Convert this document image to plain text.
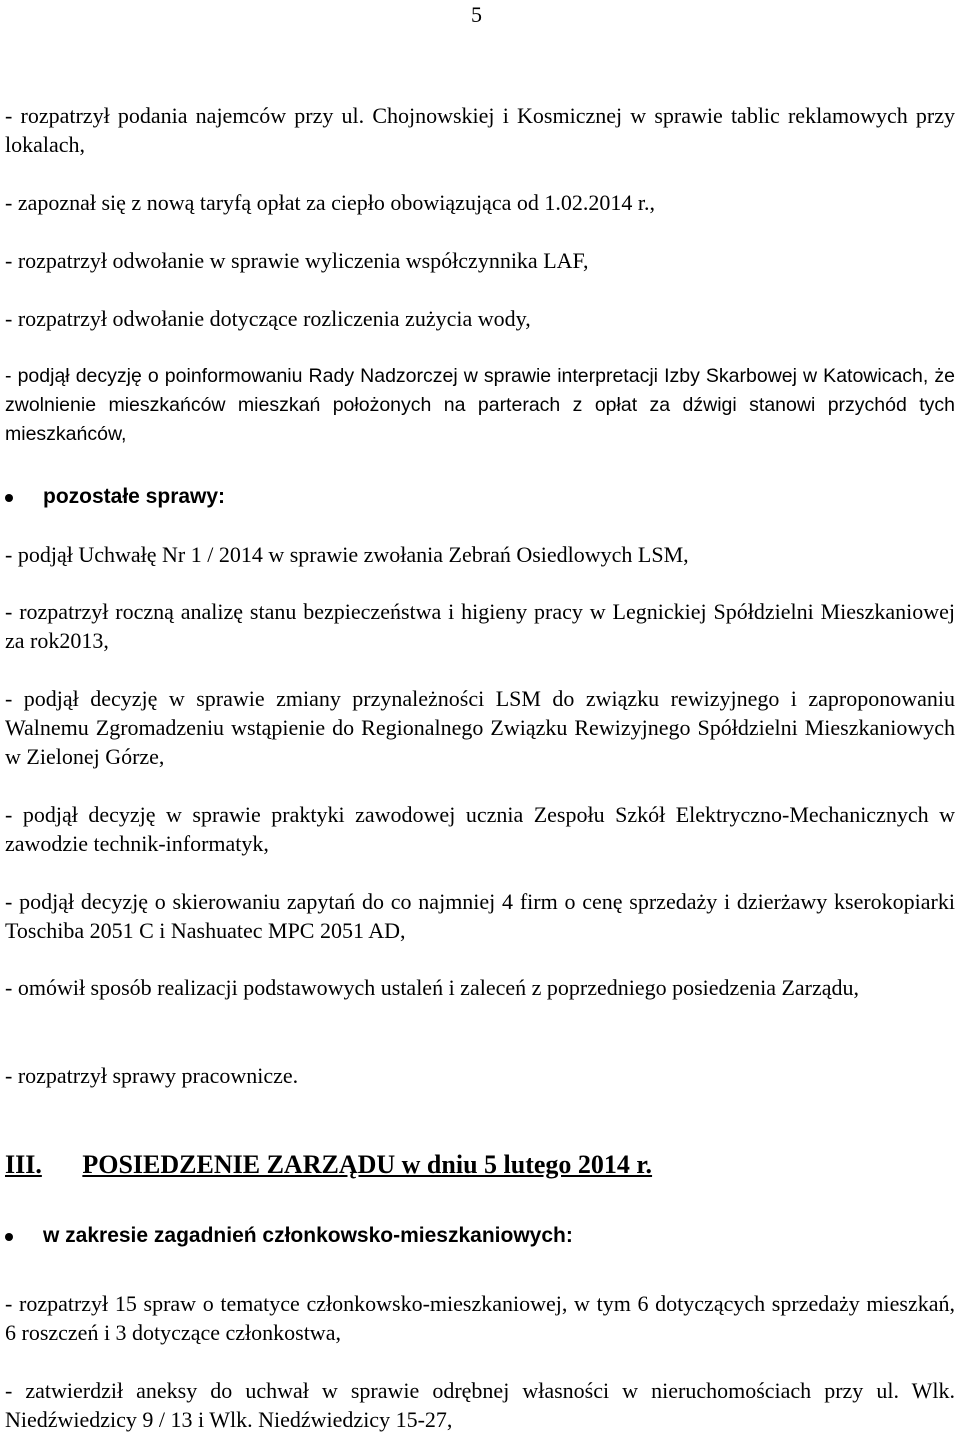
5

- rozpatrzył podania najemców przy ul. Chojnowskiej i Kosmicznej w sprawie tablic reklamowych przy lokalach,

- zapoznał się z nową taryfą opłat za ciepło obowiązująca od 1.02.2014 r.,

- rozpatrzył odwołanie w sprawie wyliczenia współczynnika LAF,

- rozpatrzył odwołanie dotyczące rozliczenia zużycia wody,

- podjął decyzję o poinformowaniu Rady Nadzorczej w sprawie interpretacji Izby Skarbowej w Katowicach, że zwolnienie mieszkańców mieszkań położonych na parterach z opłat za dźwigi stanowi przychód tych mieszkańców,

pozostałe sprawy:

- podjął Uchwałę Nr 1 / 2014 w sprawie zwołania Zebrań Osiedlowych LSM,

- rozpatrzył roczną analizę stanu bezpieczeństwa i higieny pracy w Legnickiej Spółdzielni Mieszkaniowej za rok2013,

- podjął decyzję w sprawie zmiany przynależności LSM do związku rewizyjnego i zaproponowaniu Walnemu Zgromadzeniu wstąpienie do Regionalnego Związku Rewizyjnego Spółdzielni Mieszkaniowych w Zielonej Górze,

- podjął decyzję w sprawie praktyki zawodowej ucznia Zespołu Szkół Elektryczno-Mechanicznych w zawodzie technik-informatyk,

- podjął decyzję o skierowaniu zapytań do co najmniej 4 firm o cenę sprzedaży i dzierżawy kserokopiarki Toschiba 2051 C i Nashuatec MPC 2051 AD,

- omówił sposób realizacji podstawowych ustaleń i zaleceń z poprzedniego posiedzenia Zarządu,

- rozpatrzył sprawy pracownicze.

III. POSIEDZENIE ZARZĄDU w dniu 5 lutego 2014 r.
w zakresie zagadnień członkowsko-mieszkaniowych:

- rozpatrzył 15 spraw o tematyce członkowsko-mieszkaniowej, w tym 6 dotyczących sprzedaży mieszkań, 6 roszczeń i 3 dotyczące członkostwa,

- zatwierdził aneksy do uchwał w sprawie odrębnej własności w nieruchomościach przy ul. Wlk. Niedźwiedzicy 9 / 13 i Wlk. Niedźwiedzicy 15-27,
